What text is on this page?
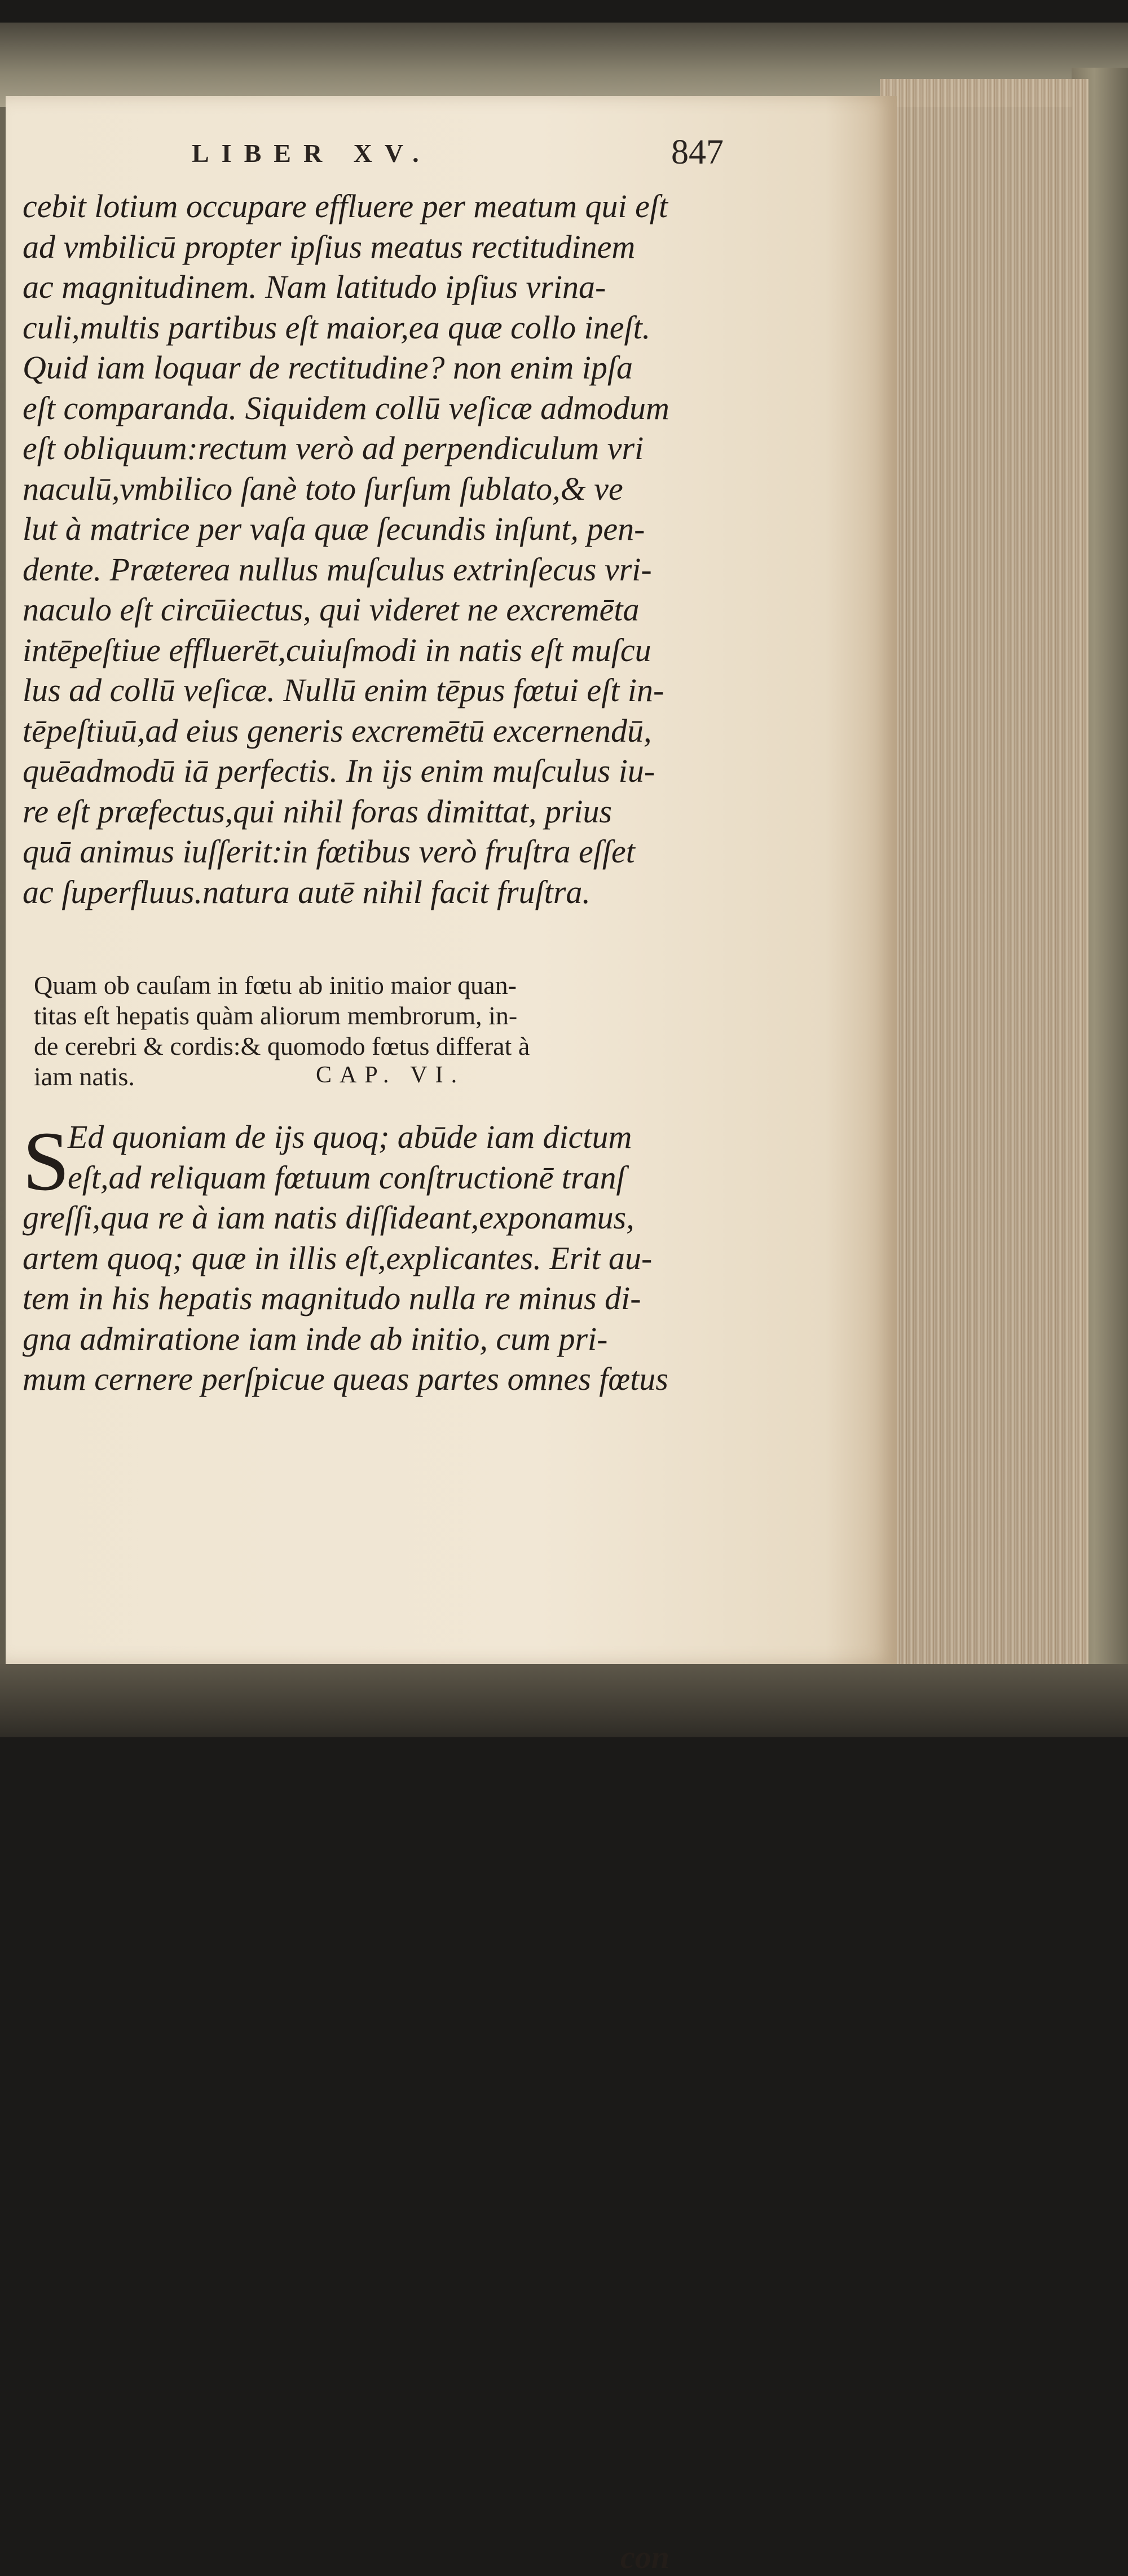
LIBER XV.	847

cebit lotium occupare effluere per meatum qui eſt

ad vmbilicū propter ipſius meatus rectitudinem

ac magnitudinem. Nam latitudo ipſius vrina-

culi,multis partibus eſt maior,ea quæ collo ineſt.

Quid iam loquar de rectitudine? non enim ipſa

eſt comparanda. Siquidem collū veſicæ admodum

eſt obliquum:rectum verò ad perpendiculum vri

naculū,vmbilico ſanè toto ſurſum ſublato,& ve

lut à matrice per vaſa quæ ſecundis inſunt, pen-

dente. Præterea nullus muſculus extrinſecus vri-

naculo eſt circūiectus, qui videret ne excremēta

intēpeſtiue effluerēt,cuiuſmodi in natis eſt muſcu

lus ad collū veſicæ. Nullū enim tēpus fœtui eſt in-

tēpeſtiuū,ad eius generis excremētū excernendū,

quēadmodū iā perfectis. In ijs enim muſculus iu-

re eſt præfectus,qui nihil foras dimittat, prius

quā animus iuſſerit:in fœtibus verò fruſtra eſſet

ac ſuperfluus.natura autē nihil facit fruſtra.

Quam ob cauſam in fœtu ab initio maior quan-

titas eſt hepatis quàm aliorum membrorum, in-

de cerebri & cordis:& quomodo fœtus differat à

iam natis.	CAP. VI.
S

Ed quoniam de ijs quoq; abūde iam dictum

eſt,ad reliquam fœtuum conſtructionē tranſ

greſſi,qua re à iam natis diſſideant,exponamus,

artem quoq; quæ in illis eſt,explicantes. Erit au-

tem in his hepatis magnitudo nulla re minus di-

gna admiratione iam inde ab initio, cum pri-

mum cernere perſpicue queas partes omnes fœtus

con
